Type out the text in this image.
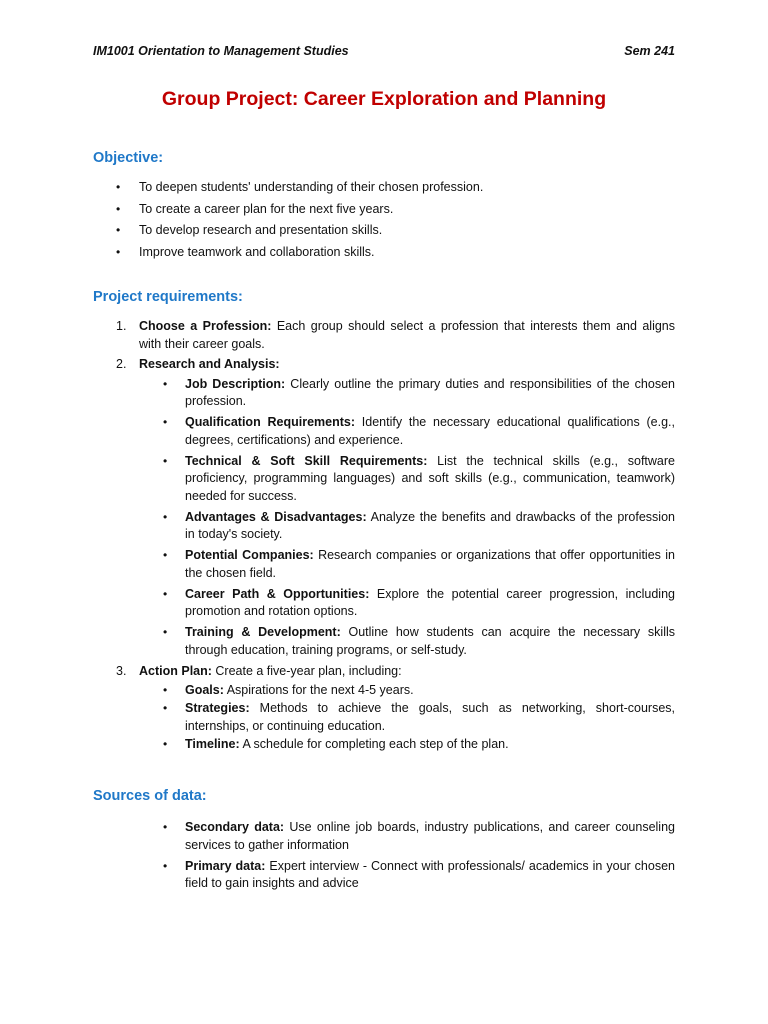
IM1001 Orientation to Management Studies	Sem 241
Group Project: Career Exploration and Planning
Objective:
• To deepen students' understanding of their chosen profession.
• To create a career plan for the next five years.
• To develop research and presentation skills.
• Improve teamwork and collaboration skills.
Project requirements:
1. Choose a Profession: Each group should select a profession that interests them and aligns with their career goals.
2. Research and Analysis:
• Job Description: Clearly outline the primary duties and responsibilities of the chosen profession.
• Qualification Requirements: Identify the necessary educational qualifications (e.g., degrees, certifications) and experience.
• Technical & Soft Skill Requirements: List the technical skills (e.g., software proficiency, programming languages) and soft skills (e.g., communication, teamwork) needed for success.
• Advantages & Disadvantages: Analyze the benefits and drawbacks of the profession in today's society.
• Potential Companies: Research companies or organizations that offer opportunities in the chosen field.
• Career Path & Opportunities: Explore the potential career progression, including promotion and rotation options.
• Training & Development: Outline how students can acquire the necessary skills through education, training programs, or self-study.
3. Action Plan: Create a five-year plan, including:
• Goals: Aspirations for the next 4-5 years.
• Strategies: Methods to achieve the goals, such as networking, short-courses, internships, or continuing education.
• Timeline: A schedule for completing each step of the plan.
Sources of data:
• Secondary data: Use online job boards, industry publications, and career counseling services to gather information
• Primary data: Expert interview - Connect with professionals/ academics in your chosen field to gain insights and advice
